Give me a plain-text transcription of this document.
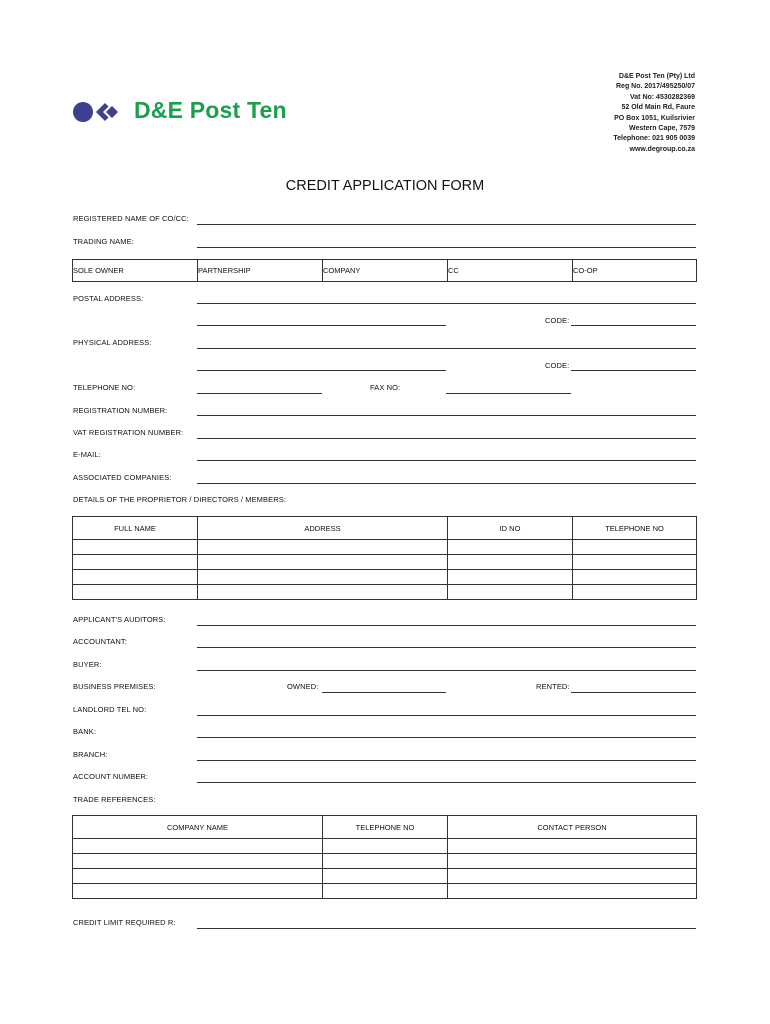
D&E Post Ten
D&E Post Ten (Pty) Ltd
Reg No. 2017/495250/07
Vat No: 4530282369
52 Old Main Rd, Faure
PO Box 1051, Kuilsrivier
Western Cape, 7579
Telephone: 021 905 0039
www.degroup.co.za
CREDIT APPLICATION FORM
REGISTERED NAME OF CO/CC:
TRADING NAME:
SOLE OWNER	PARTNERSHIP	COMPANY	CC	CO-OP
POSTAL ADDRESS:
CODE:
PHYSICAL ADDRESS:
CODE:
TELEPHONE NO:	FAX NO:
REGISTRATION NUMBER:
VAT REGISTRATION NUMBER:
E-MAIL:
ASSOCIATED COMPANIES:
DETAILS OF THE PROPRIETOR / DIRECTORS / MEMBERS:
FULL NAME	ADDRESS	ID NO	TELEPHONE NO

APPLICANT'S AUDITORS:
ACCOUNTANT:
BUYER:
BUSINESS PREMISES:	OWNED:	RENTED:
LANDLORD TEL NO:
BANK:
BRANCH:
ACCOUNT NUMBER:
TRADE REFERENCES:
COMPANY NAME	TELEPHONE NO	CONTACT PERSON

CREDIT LIMIT REQUIRED R:
